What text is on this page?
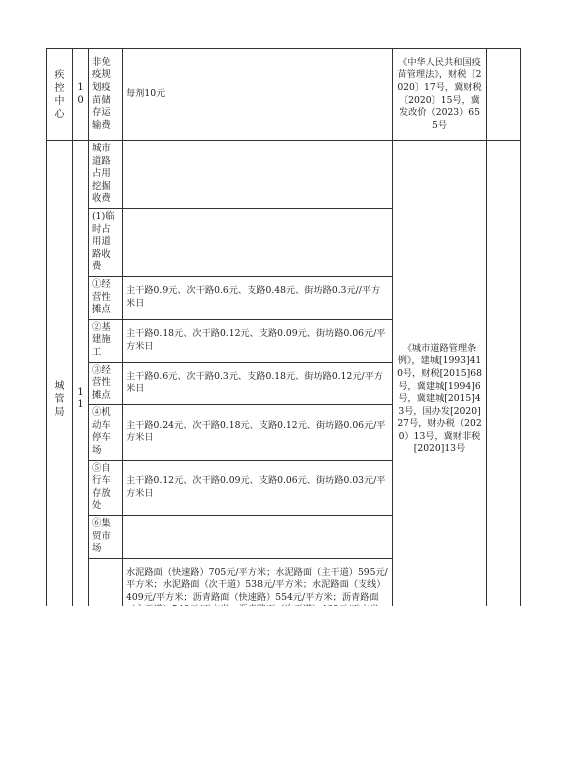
疾控中心	10	非免疫规划疫苗储存运输费	每剂10元	《中华人民共和国疫苗管理法》，财税〔2020〕17号，冀财税〔2020〕15号，冀发改价（2023）655号	
城管局	11	城市道路占用挖掘收费		《城市道路管理条例》，建城[1993]410号，财税[2015]68号，冀建城[1994]6号，冀建城[2015]43号，国办发[2020]27号，财办税（2020）13号，冀财非税[2020]13号	
		(1)临时占用道路收费			
		①经营性摊点	主干路0.9元、次干路0.6元、支路0.48元、街坊路0.3元//平方米日		
		②基建施工	主干路0.18元、次干路0.12元、支路0.09元、街坊路0.06元/平方米日		
		③经营性摊点	主干路0.6元、次干路0.3元、支路0.18元、街坊路0.12元/平方米日		
		④机动车停车场	主干路0.24元、次干路0.18元、支路0.12元、街坊路0.06元/平方米日		
		⑤自行车存放处	主干路0.12元、次干路0.09元、支路0.06元、街坊路0.03元/平方米日		
		⑥集贸市场			
			水泥路面（快速路）705元/平方米；水泥路面（主干道）595元/平方米；水泥路面（次干道）538元/平方米；水泥路面（支线）409元/平方米；沥青路面（快速路）554元/平方米；沥青路面		
